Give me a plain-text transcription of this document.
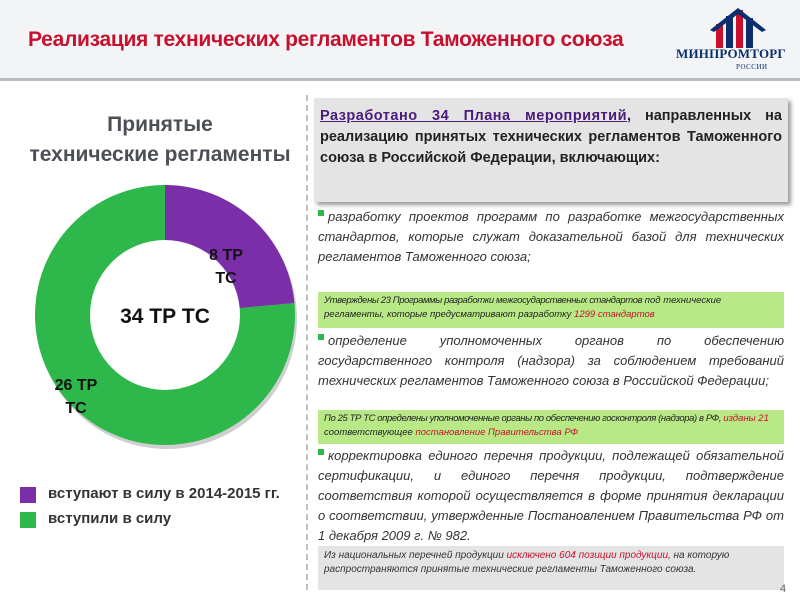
Реализация технических регламентов Таможенного союза
МИНПРОМТОРГ
РОССИИ
Принятые
технические регламенты
34 ТР ТС
8 ТР
ТС
26 ТР
ТС
вступают в силу в 2014-2015 гг.
вступили в силу
Разработано 34 Плана мероприятий, направленных на реализацию принятых технических регламентов Таможенного союза в Российской Федерации, включающих:
разработку проектов программ по разработке межгосударственных стандартов, которые служат доказательной базой для технических регламентов Таможенного союза;
Утверждены 23 Программы разработки межгосударственных стандартов под технические регламенты, которые предусматривают разработку 1299 стандартов
определение уполномоченных органов по обеспечению государственного контроля (надзора) за соблюдением требований технических регламентов Таможенного союза в Российской Федерации;
По 25 ТР ТС определены уполномоченные органы по обеспечению госконтроля (надзора) в РФ, изданы 21 соответствующее постановление Правительства РФ
корректировка единого перечня продукции, подлежащей обязательной сертификации, и единого перечня продукции, подтверждение соответствия которой осуществляется в форме принятия декларации о соответствии, утвержденные Постановлением Правительства РФ от 1 декабря 2009 г. № 982.
Из национальных перечней продукции исключено 604 позиции продукции, на которую распространяются принятые технические регламенты Таможенного союза.
4
